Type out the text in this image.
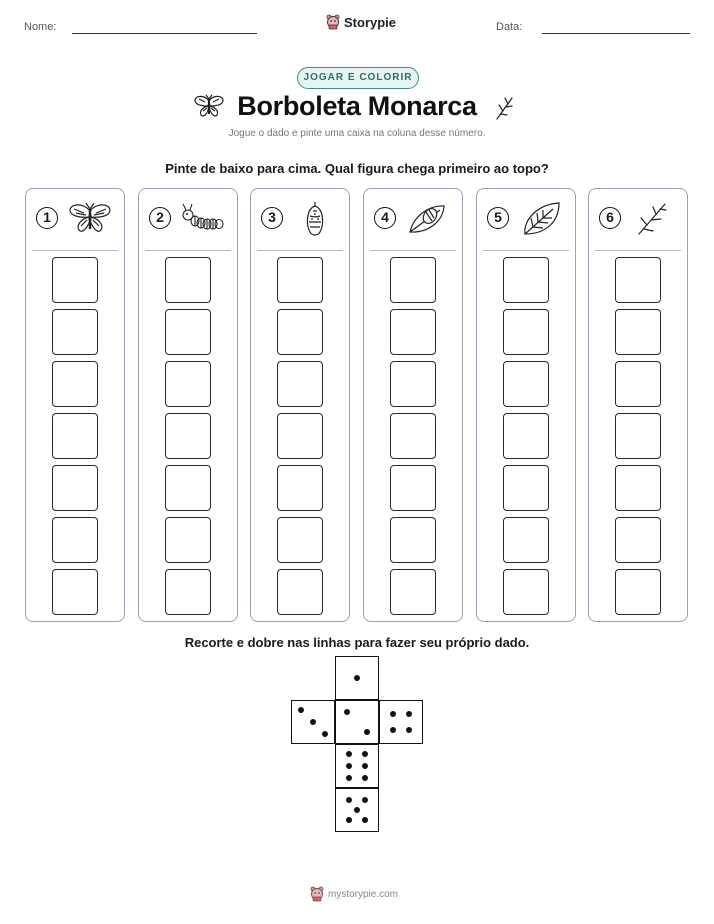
Nome:	Storypie	Data:
JOGAR E COLORIR
Borboleta Monarca
Jogue o dado e pinte uma caixa na coluna desse número.
Pinte de baixo para cima. Qual figura chega primeiro ao topo?
1	2	3	4	5	6
Recorte e dobre nas linhas para fazer seu próprio dado.
mystorypie.com
